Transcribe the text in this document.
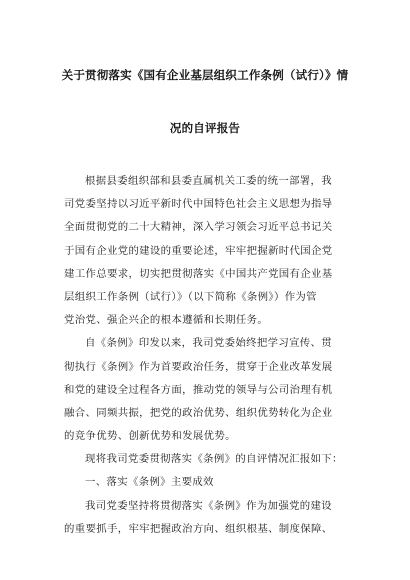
关于贯彻落实《国有企业基层组织工作条例（试行）》情
况的自评报告
根据县委组织部和县委直属机关工委的统一部署，我
司党委坚持以习近平新时代中国特色社会主义思想为指导
全面贯彻党的二十大精神，深入学习领会习近平总书记关
于国有企业党的建设的重要论述，牢牢把握新时代国企党
建工作总要求，切实把贯彻落实《中国共产党国有企业基
层组织工作条例（试行）》（以下简称《条例》）作为管
党治党、强企兴企的根本遵循和长期任务。
自《条例》印发以来，我司党委始终把学习宣传、贯
彻执行《条例》作为首要政治任务，贯穿于企业改革发展
和党的建设全过程各方面，推动党的领导与公司治理有机
融合、同频共振，把党的政治优势、组织优势转化为企业
的竞争优势、创新优势和发展优势。
现将我司党委贯彻落实《条例》的自评情况汇报如下：
一、落实《条例》主要成效
我司党委坚持将贯彻落实《条例》作为加强党的建设
的重要抓手，牢牢把握政治方向、组织根基、制度保障、
